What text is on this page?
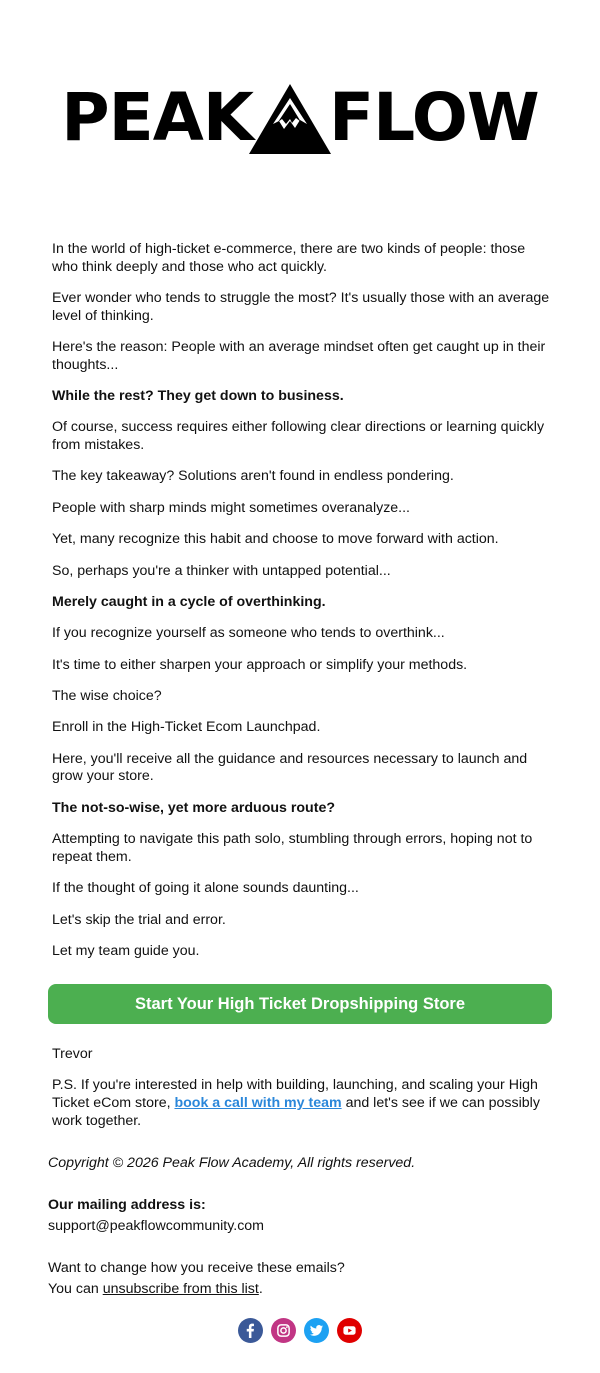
PEAK FLOW

In the world of high-ticket e-commerce, there are two kinds of people: those who think deeply and those who act quickly.

Ever wonder who tends to struggle the most? It's usually those with an average level of thinking.

Here's the reason: People with an average mindset often get caught up in their thoughts...

While the rest? They get down to business.

Of course, success requires either following clear directions or learning quickly from mistakes.

The key takeaway? Solutions aren't found in endless pondering.

People with sharp minds might sometimes overanalyze...

Yet, many recognize this habit and choose to move forward with action.

So, perhaps you're a thinker with untapped potential...

Merely caught in a cycle of overthinking.

If you recognize yourself as someone who tends to overthink...

It's time to either sharpen your approach or simplify your methods.

The wise choice?

Enroll in the High-Ticket Ecom Launchpad.

Here, you'll receive all the guidance and resources necessary to launch and grow your store.

The not-so-wise, yet more arduous route?

Attempting to navigate this path solo, stumbling through errors, hoping not to repeat them.

If the thought of going it alone sounds daunting...

Let's skip the trial and error.

Let my team guide you.

Start Your High Ticket Dropshipping Store

Trevor

P.S. If you're interested in help with building, launching, and scaling your High Ticket eCom store, book a call with my team and let's see if we can possibly work together.

Copyright © 2026 Peak Flow Academy, All rights reserved.

Our mailing address is:

support@peakflowcommunity.com

Want to change how you receive these emails?

You can unsubscribe from this list.
